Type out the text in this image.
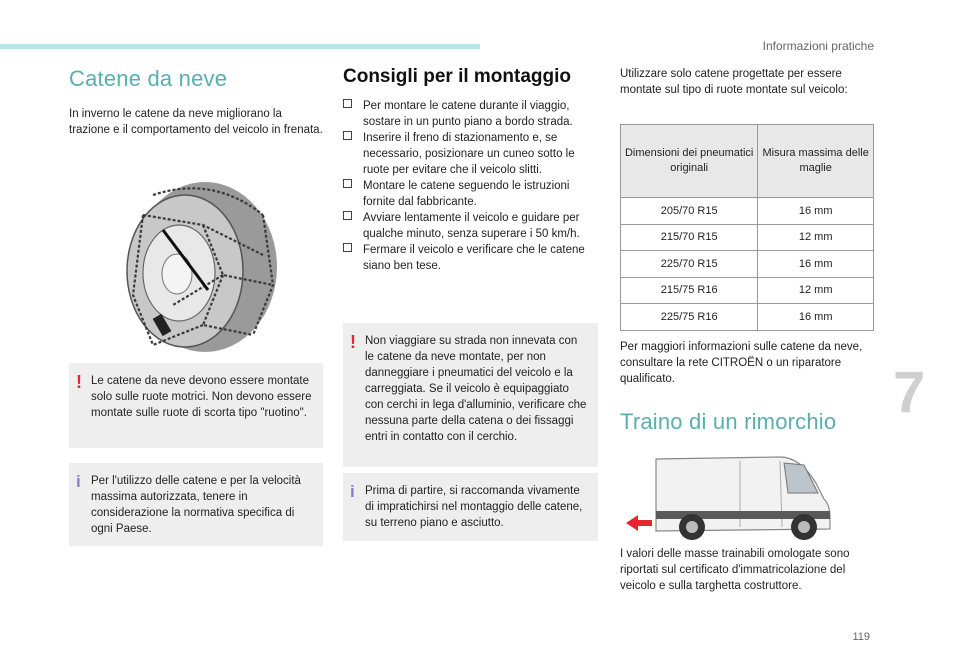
Informazioni pratiche
7
119
Catene da neve

In inverno le catene da neve migliorano la trazione e il comportamento del veicolo in frenata.

! Le catene da neve devono essere montate solo sulle ruote motrici. Non devono essere montate sulle ruote di scorta tipo "ruotino".

i Per l'utilizzo delle catene e per la velocità massima autorizzata, tenere in considerazione la normativa specifica di ogni Paese.

Consigli per il montaggio
Per montare le catene durante il viaggio, sostare in un punto piano a bordo strada.
Inserire il freno di stazionamento e, se necessario, posizionare un cuneo sotto le ruote per evitare che il veicolo slitti.
Montare le catene seguendo le istruzioni fornite dal fabbricante.
Avviare lentamente il veicolo e guidare per qualche minuto, senza superare i 50 km/h.
Fermare il veicolo e verificare che le catene siano ben tese.
! Non viaggiare su strada non innevata con le catene da neve montate, per non danneggiare i pneumatici del veicolo e la carreggiata. Se il veicolo è equipaggiato con cerchi in lega d'alluminio, verificare che nessuna parte della catena o dei fissaggi entri in contatto con il cerchio.

i Prima di partire, si raccomanda vivamente di impratichirsi nel montaggio delle catene, su terreno piano e asciutto.

Utilizzare solo catene progettate per essere montate sul tipo di ruote montate sul veicolo:

Dimensioni dei pneumatici originali	Misura massima delle maglie
205/70 R15	16 mm
215/70 R15	12 mm
225/70 R15	16 mm
215/75 R16	12 mm
225/75 R16	16 mm

Per maggiori informazioni sulle catene da neve, consultare la rete CITROËN o un riparatore qualificato.

Traino di un rimorchio

I valori delle masse trainabili omologate sono riportati sul certificato d'immatricolazione del veicolo e sulla targhetta costruttore.
